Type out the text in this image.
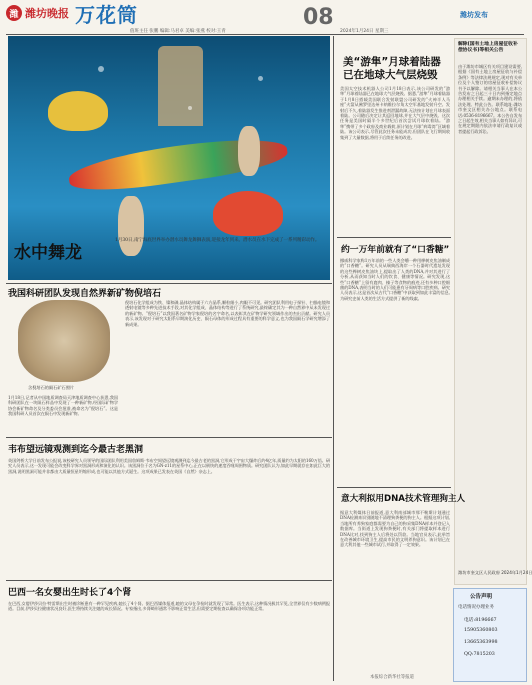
潍 潍坊晚报 万花筒

值班主任 张鹏 编辑:马君卓 美编:张燕 校对:王青

08

2024年1月24日 星期三

潍坊发布

水中舞龙

1月30日,南宁海底世界举办潜水员舞龙舞狮表演,迎接龙年到来。潜水员在水下完成了一系列精彩动作。

美“游隼”月球着陆器

已在地球大气层烧毁

美国太空技术机器人公司1月18日表示,该公司研发的“游隼”月球着陆器已在地球大气层烧毁。据悉,“游隼”月球着陆器于1月8日搭载美国联合发射联盟公司研发的“火神半人马座”火箭从佛罗里达州卡纳维拉尔角太空军基地发射升空。发射后不久,着陆器发生推进剂泄漏故障,无法按计划在月球表面着陆。公司随后决定让其返回地球,并在大气层中烧毁。这次任务是美国时隔半个多世纪后首次尝试月球软着陆。“游隼”携带了多个政府及商业载荷,原计划在月球“病毒湾”区域着陆。该公司表示,尽管此次任务未能成功,但团队在飞行期间收集到了大量数据,将用于后续任务的改进。

解除(国有土地上房屋征收补偿协议书)等相关公告

由于潍坊市城区有关项目建设需要,根据《国有土地上房屋征收与补偿条例》等法律法规规定,现对有关单位及个人签订的房屋征收补偿协议书予以解除。请相关当事人在本公告发布之日起三十日内到指定地点办理相关手续。逾期未办理的,将依法处理。特此公告。联系地址:潍坊市奎文区相关办公地点。联系电话:0536-8196667。本公告自发布之日起生效,相关当事人如有异议,可在规定期限内依法申请行政复议或者提起行政诉讼。

潍坊市奎文区人民政府 2024年1月24日

公告声明

电话情况办理业务

电话:8196667

15905360803

13665363998

QQ:7815203

我国科研团队发现自然界新矿物倪培石

含倪培石的陨石矿石照片

1月18日,记者从中国地质调查局天津地质调查中心获悉,我国科研团队在一块陨石样品中发现了一种新矿物,经国际矿物学协会新矿物命名及分类委员会批准,被命名为“倪培石”。这是我国科研人员首次在陨石中发现新矿物。

倪培石化学组成为铁、镍和磷,晶体结构属于六方晶系,颗粒细小,肉眼不可见。研究团队利用电子探针、扫描电镜和透射电镜等多种先进技术手段,对其化学组成、晶体结构等进行了系统研究,最终确定其为一种自然界中从未发现过的新矿物。“倪培石”以我国著名矿物学家倪培的名字命名,以表彰其在矿物学研究领域作出的杰出贡献。研究人员表示,该发现对于研究太阳系早期演化历史、陨石母体的形成过程具有重要的科学意义,也为我国陨石学研究增添了新成果。

约一万年前就有了“口香糖”

挪威科学家称1万年前的一些人类会嚼一种用桦树皮焦油制成的“口香糖”。研究人员从瑞典西海岸一个石器时代遗址发现的这些桦树皮焦油块上,提取出了人类的DNA,并对其进行了分析,从而获知当时人们的饮食、健康等情况。研究发现,这些“口香糖”上留有鹿肉、榛子等食物的痕迹,还有多种口腔细菌的DNA,表明当时的人们可能患有牙周病等口腔疾病。研究人员表示,这是首次从古代“口香糖”中获取到如此丰富的信息,为研究史前人类的生活方式提供了新的线索。

韦布望远镜观测到迄今最古老黑洞

英国剑桥大学日前发布公报说,该校研究人员领导的国际团队利用美国詹姆斯·韦布空间望远镜观测到迄今最古老的黑洞,它形成于宇宙大爆炸后约4亿年,质量约为太阳的160万倍。研究人员表示,这一发现可能会改变科学界对黑洞形成和演化的认识。该黑洞位于名为GN-z11的星系中心,正在以极快的速度吞噬周围物质。研究团队认为,如此早期就存在如此巨大的黑洞,说明黑洞可能并非都由大质量恒星坍缩形成,也可能以其他方式诞生。这项成果已发表在英国《自然》杂志上。

意大利拟用DNA技术管理狗主人

据意大利媒体日前报道,意大利南部城市那不勒斯计划通过DNA检测来识别随地不清理狗粪便的狗主人。根据这项计划,当地所有养狗家庭都需要为自己的狗采集DNA样本并登记入数据库。当街道上发现狗粪便时,有关部门将提取样本进行DNA比对,找到狗主人后将处以罚款。当地官员表示,此举旨在改善城市环境卫生,提高市民的文明养狗意识。该计划已在意大利其他一些城市试行,并取得了一定效果。

本报综合新华社等报道

巴西一名女婴出生时长了4个肾

在巴西,女婴伊莎贝拉·特雷斯出生时被诊断患有一种罕见疾病,她长了4个肾。据巴西媒体报道,她的父母在孕检时就发现了异常。医生表示,这种情况极其罕见,全世界仅有少数病例报道。目前,伊莎贝拉健康状况良好,医生将持续关注她的成长情况。专家指出,多肾畸形通常不影响正常生活,但需要定期检查以确保各项功能正常。
